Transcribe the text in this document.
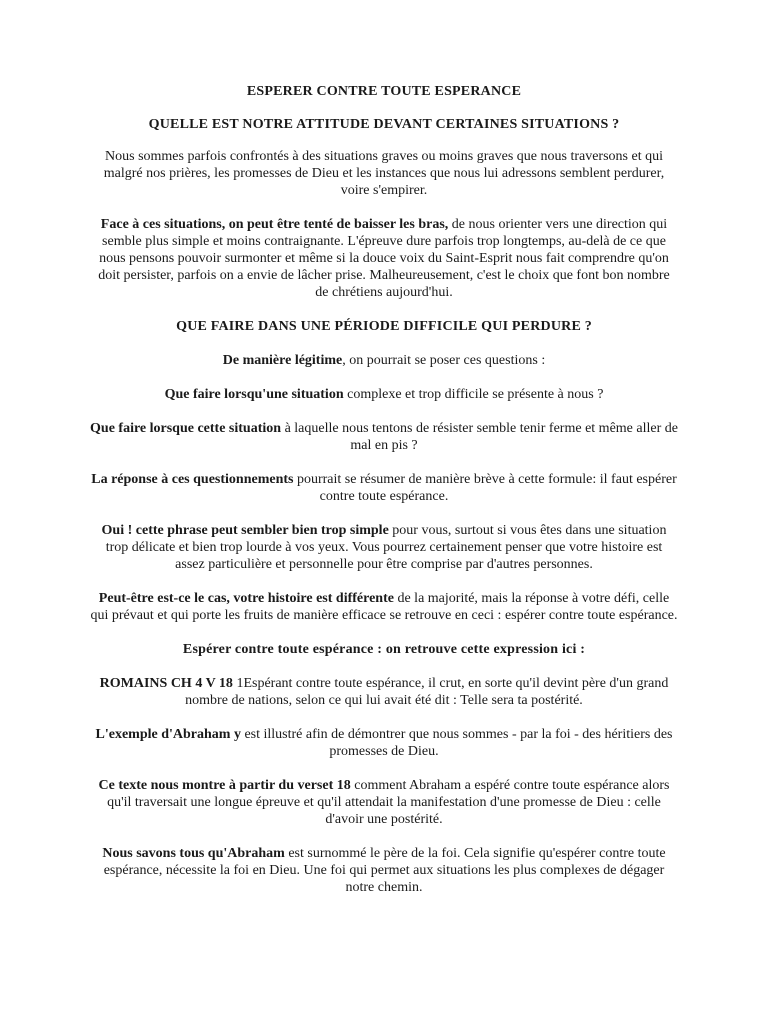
ESPERER CONTRE TOUTE ESPERANCE
QUELLE EST NOTRE ATTITUDE DEVANT CERTAINES SITUATIONS ?

Nous sommes parfois confrontés à des situations graves ou moins graves que nous traversons et qui malgré nos prières, les promesses de Dieu et les instances que nous lui adressons semblent perdurer, voire s'empirer.

Face à ces situations, on peut être tenté de baisser les bras, de nous orienter vers une direction qui semble plus simple et moins contraignante. L'épreuve dure parfois trop longtemps, au-delà de ce que nous pensons pouvoir surmonter et même si la douce voix du Saint-Esprit nous fait comprendre qu'on doit persister, parfois on a envie de lâcher prise. Malheureusement, c'est le choix que font bon nombre de chrétiens aujourd'hui.

QUE FAIRE DANS UNE PÉRIODE DIFFICILE QUI PERDURE ?

De manière légitime, on pourrait se poser ces questions :

Que faire lorsqu'une situation complexe et trop difficile se présente à nous ?

Que faire lorsque cette situation à laquelle nous tentons de résister semble tenir ferme et même aller de mal en pis ?

La réponse à ces questionnements pourrait se résumer de manière brève à cette formule: il faut espérer contre toute espérance.

Oui ! cette phrase peut sembler bien trop simple pour vous, surtout si vous êtes dans une situation trop délicate et bien trop lourde à vos yeux. Vous pourrez certainement penser que votre histoire est assez particulière et personnelle pour être comprise par d'autres personnes.

Peut-être est-ce le cas, votre histoire est différente de la majorité, mais la réponse à votre défi, celle qui prévaut et qui porte les fruits de manière efficace se retrouve en ceci : espérer contre toute espérance.

Espérer contre toute espérance : on retrouve cette expression ici :

ROMAINS CH 4 V 18 1Espérant contre toute espérance, il crut, en sorte qu'il devint père d'un grand nombre de nations, selon ce qui lui avait été dit : Telle sera ta postérité.

L'exemple d'Abraham y est illustré afin de démontrer que nous sommes - par la foi - des héritiers des promesses de Dieu.

Ce texte nous montre à partir du verset 18 comment Abraham a espéré contre toute espérance alors qu'il traversait une longue épreuve et qu'il attendait la manifestation d'une promesse de Dieu : celle d'avoir une postérité.

Nous savons tous qu'Abraham est surnommé le père de la foi. Cela signifie qu'espérer contre toute espérance, nécessite la foi en Dieu. Une foi qui permet aux situations les plus complexes de dégager notre chemin.
